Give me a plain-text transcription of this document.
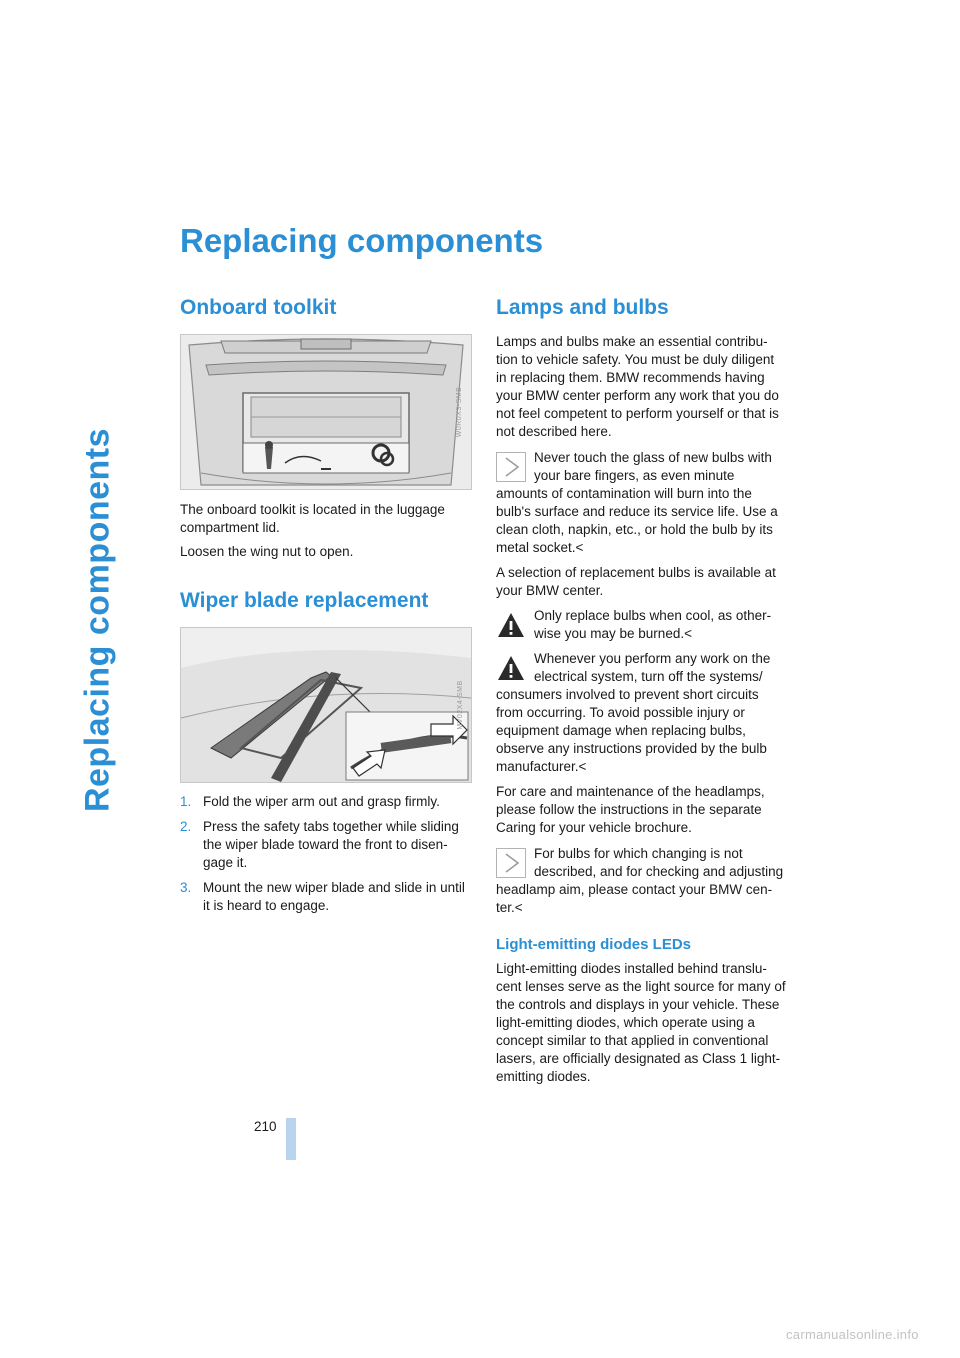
Replacing components
Replacing components
Onboard toolkit
W0R0X3-SMB

The onboard toolkit is located in the luggage compartment lid.

Loosen the wing nut to open.

Wiper blade replacement
MV02X4-SMB
1. Fold the wiper arm out and grasp firmly.
2. Press the safety tabs together while sliding the wiper blade toward the front to disen-gage it.
3. Mount the new wiper blade and slide in until it is heard to engage.
Lamps and bulbs

Lamps and bulbs make an essential contribu-tion to vehicle safety. You must be duly diligent in replacing them. BMW recommends having your BMW center perform any work that you do not feel competent to perform yourself or that is not described here.

Never touch the glass of new bulbs with your bare fingers, as even minute amounts of contamination will burn into the bulb's surface and reduce its service life. Use a clean cloth, napkin, etc., or hold the bulb by its metal socket.<

A selection of replacement bulbs is available at your BMW center.

Only replace bulbs when cool, as other-wise you may be burned.<

Whenever you perform any work on the electrical system, turn off the systems/ consumers involved to prevent short circuits from occurring. To avoid possible injury or equipment damage when replacing bulbs, observe any instructions provided by the bulb manufacturer.<

For care and maintenance of the headlamps, please follow the instructions in the separate Caring for your vehicle brochure.

For bulbs for which changing is not described, and for checking and adjusting headlamp aim, please contact your BMW cen-ter.<

Light-emitting diodes LEDs

Light-emitting diodes installed behind translu-cent lenses serve as the light source for many of the controls and displays in your vehicle. These light-emitting diodes, which operate using a concept similar to that applied in conventional lasers, are officially designated as Class 1 light-emitting diodes.

210
carmanualsonline.info
